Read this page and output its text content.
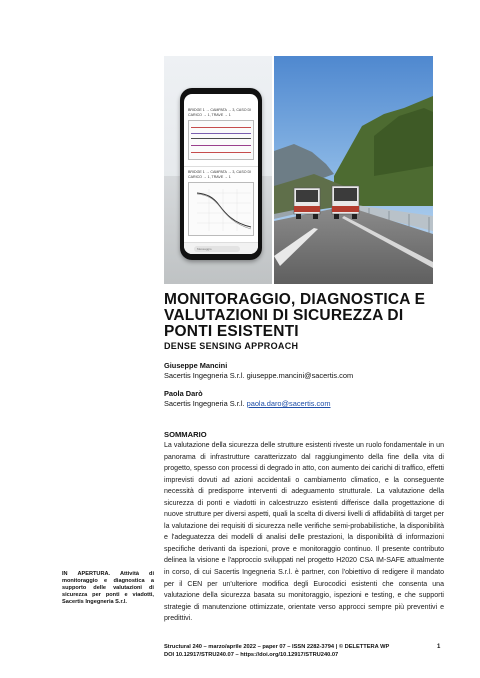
BRIDGE 1 → CAMPATA → 3, CASO DI
CARICO → 1, TRAVE → 1
BRIDGE 1 → CAMPATA → 3, CASO DI
CARICO → 1, TRAVE → 1
Messaggio
MONITORAGGIO, DIAGNOSTICA E VALUTAZIONI DI SICUREZZA DI PONTI ESISTENTI
DENSE SENSING APPROACH
Giuseppe Mancini
Sacertis Ingegneria S.r.l. giuseppe.mancini@sacertis.com
Paola Darò
Sacertis Ingegneria S.r.l. paola.daro@sacertis.com
SOMMARIO

La valutazione della sicurezza delle strutture esistenti riveste un ruolo fondamentale in un panorama di infrastrutture caratterizzato dal raggiungimento della fine della vita di progetto, spesso con processi di degrado in atto, con aumento dei carichi di traffico, effetti imprevisti dovuti ad azioni accidentali o cambiamento climatico, e la conseguente necessità di predisporre interventi di adeguamento strutturale. La valutazione della sicurezza di ponti e viadotti in calcestruzzo esistenti differisce dalla progettazione di nuove strutture per diversi aspetti, quali la scelta di diversi livelli di affidabilità di target per la valutazione dei requisiti di sicurezza nelle verifiche semi-probabilistiche, la disponibilità e l'adeguatezza dei modelli di analisi delle prestazioni, la disponibilità di informazioni specifiche derivanti da ispezioni, prove e monitoraggio continuo. Il presente contributo delinea la visione e l'approccio sviluppati nel progetto H2020 CSA IM-SAFE attualmente in corso, di cui Sacertis Ingegneria S.r.l. è partner, con l'obiettivo di redigere il mandato per il CEN per un'ulteriore modifica degli Eurocodici esistenti che consenta una valutazione della sicurezza basata su monitoraggio, ispezioni e testing, e che supporti strategie di manutenzione ottimizzate, orientate verso approcci sempre più preventivi e predittivi.

IN APERTURA. Attività di monitoraggio e diagnostica a supporto delle valutazioni di sicurezza per ponti e viadotti, Sacertis Ingegneria S.r.l.

Structural 240 – marzo/aprile 2022 – paper 07 – ISSN 2282-3794 | © DELETTERA WP
DOI 10.12917/STRU240.07 – https://doi.org/10.12917/STRU240.07
1
